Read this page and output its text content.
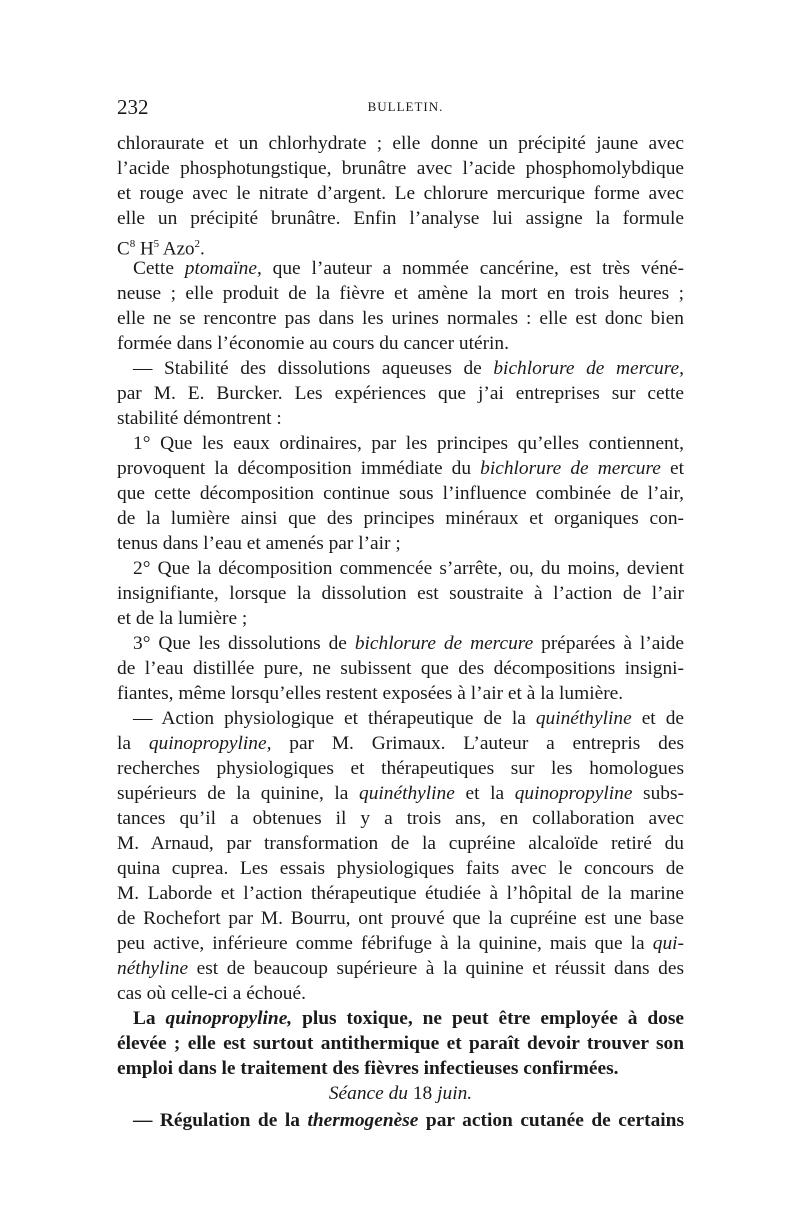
232	BULLETIN.
chloraurate et un chlorhydrate ; elle donne un précipité jaune avec
l’acide phosphotungstique, brunâtre avec l’acide phosphomolybdique
et rouge avec le nitrate d’argent. Le chlorure mercurique forme avec
elle un précipité brunâtre. Enfin l’analyse lui assigne la formule
$C^8$ $H^5$ Azo$^2$.
Cette ptomaïne, que l’auteur a nommée cancérine, est très véné-
neuse ; elle produit de la fièvre et amène la mort en trois heures ;
elle ne se rencontre pas dans les urines normales : elle est donc bien
formée dans l’économie au cours du cancer utérin.
— Stabilité des dissolutions aqueuses de bichlorure de mercure,
par M. E. Burcker. Les expériences que j’ai entreprises sur cette
stabilité démontrent :
1° Que les eaux ordinaires, par les principes qu’elles contiennent,
provoquent la décomposition immédiate du bichlorure de mercure et
que cette décomposition continue sous l’influence combinée de l’air,
de la lumière ainsi que des principes minéraux et organiques con-
tenus dans l’eau et amenés par l’air ;
2° Que la décomposition commencée s’arrête, ou, du moins, devient
insignifiante, lorsque la dissolution est soustraite à l’action de l’air
et de la lumière ;
3° Que les dissolutions de bichlorure de mercure préparées à l’aide
de l’eau distillée pure, ne subissent que des décompositions insigni-
fiantes, même lorsqu’elles restent exposées à l’air et à la lumière.
— Action physiologique et thérapeutique de la quinéthyline et de
la quinopropyline, par M. Grimaux. L’auteur a entrepris des
recherches physiologiques et thérapeutiques sur les homologues
supérieurs de la quinine, la quinéthyline et la quinopropyline subs-
tances qu’il a obtenues il y a trois ans, en collaboration avec
M. Arnaud, par transformation de la cupréine alcaloïde retiré du
quina cuprea. Les essais physiologiques faits avec le concours de
M. Laborde et l’action thérapeutique étudiée à l’hôpital de la marine
de Rochefort par M. Bourru, ont prouvé que la cupréine est une base
peu active, inférieure comme fébrifuge à la quinine, mais que la qui-
néthyline est de beaucoup supérieure à la quinine et réussit dans des
cas où celle-ci a échoué.
La quinopropyline, plus toxique, ne peut être employée à dose
élevée ; elle est surtout antithermique et paraît devoir trouver son
emploi dans le traitement des fièvres infectieuses confirmées.
Séance du 18 juin.
— Régulation de la thermogenèse par action cutanée de certains
